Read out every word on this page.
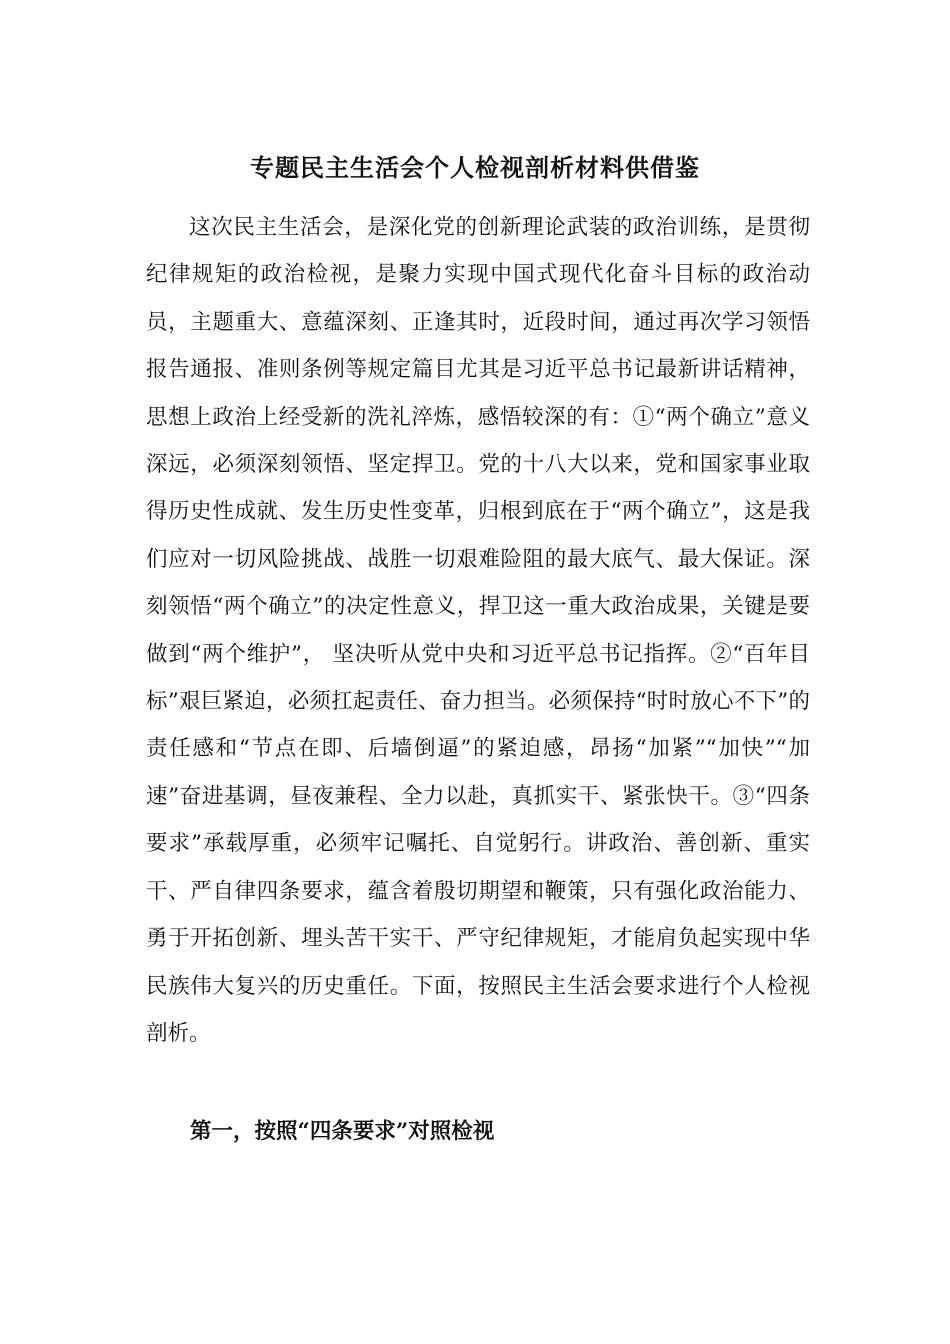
专题民主生活会个人检视剖析材料供借鉴

这次民主生活会，是深化党的创新理论武装的政治训练，是贯彻纪律规矩的政治检视，是聚力实现中国式现代化奋斗目标的政治动员，主题重大、意蕴深刻、正逢其时，近段时间，通过再次学习领悟报告通报、准则条例等规定篇目尤其是习近平总书记最新讲话精神，思想上政治上经受新的洗礼淬炼，感悟较深的有：①“两个确立”意义深远，必须深刻领悟、坚定捍卫。党的十八大以来，党和国家事业取得历史性成就、发生历史性变革，归根到底在于“两个确立”，这是我们应对一切风险挑战、战胜一切艰难险阻的最大底气、最大保证。深刻领悟“两个确立”的决定性意义，捍卫这一重大政治成果，关键是要做到“两个维护”， 坚决听从党中央和习近平总书记指挥。②“百年目标”艰巨紧迫，必须扛起责任、奋力担当。必须保持“时时放心不下”的责任感和“节点在即、后墙倒逼”的紧迫感，昂扬“加紧”“加快”“加速”奋进基调，昼夜兼程、全力以赴，真抓实干、紧张快干。③“四条要求”承载厚重，必须牢记嘱托、自觉躬行。讲政治、善创新、重实干、严自律四条要求，蕴含着殷切期望和鞭策，只有强化政治能力、勇于开拓创新、埋头苦干实干、严守纪律规矩，才能肩负起实现中华民族伟大复兴的历史重任。下面，按照民主生活会要求进行个人检视剖析。

第一，按照“四条要求”对照检视
